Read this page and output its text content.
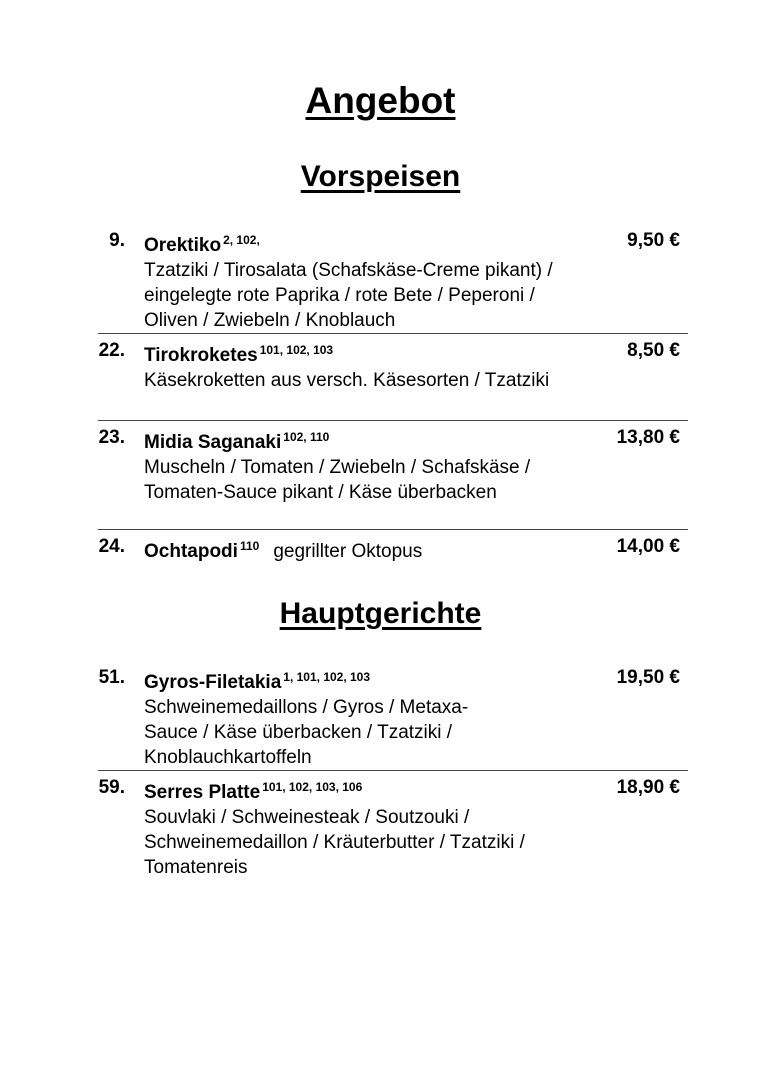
Angebot
Vorspeisen
9. Orektiko $^{2, 102,}$
Tzatziki / Tirosalata (Schafskäse-Creme pikant) / eingelegte rote Paprika / rote Bete / Peperoni / Oliven / Zwiebeln / Knoblauch
9,50 €
22. Tirokroketes $^{101, 102, 103}$
Käsekroketten aus versch. Käsesorten / Tzatziki
8,50 €
23. Midia Saganaki $^{102, 110}$
Muscheln / Tomaten / Zwiebeln / Schafskäse / Tomaten-Sauce pikant / Käse überbacken
13,80 €
24. Ochtapodi $^{110}$ gegrillter Oktopus	14,00 €
Hauptgerichte
51. Gyros-Filetakia $^{1, 101, 102, 103}$
Schweinemedaillons / Gyros / Metaxa-Sauce / Käse überbacken / Tzatziki / Knoblauchkartoffeln
19,50 €
59. Serres Platte $^{101, 102, 103, 106}$
Souvlaki / Schweinesteak / Soutzouki / Schweinemedaillon / Kräuterbutter / Tzatziki / Tomatenreis
18,90 €
